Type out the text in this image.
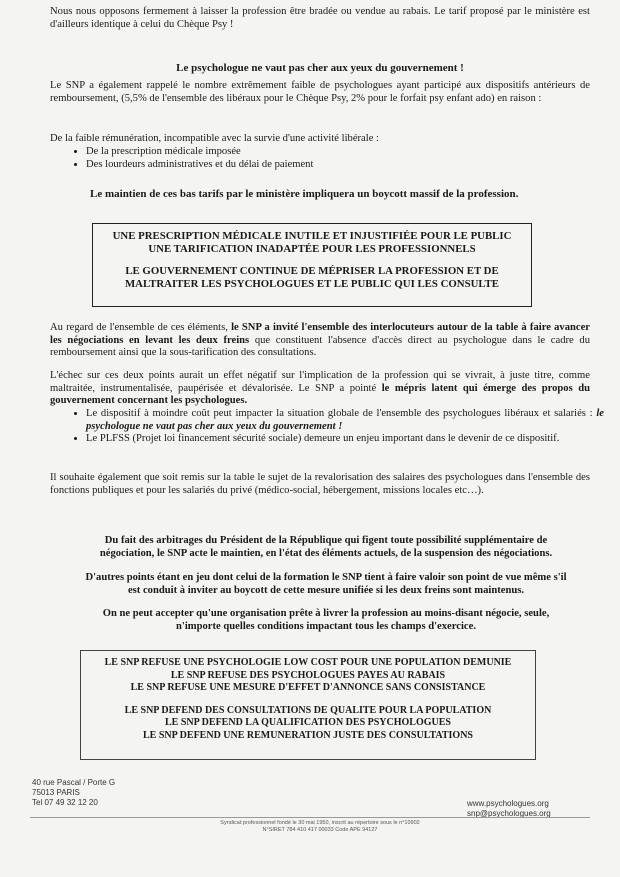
Nous nous opposons fermement à laisser la profession être bradée ou vendue au rabais. Le tarif proposé par le ministère est d'ailleurs identique à celui du Chèque Psy !

Le psychologue ne vaut pas cher aux yeux du gouvernement !

Le SNP a également rappelé le nombre extrêmement faible de psychologues ayant participé aux dispositifs antérieurs de remboursement, (5,5% de l'ensemble des libéraux pour le Chèque Psy, 2% pour le forfait psy enfant ado) en raison :

De la faible rémunération, incompatible avec la survie d'une activité libérale :

• De la prescription médicale imposée
• Des lourdeurs administratives et du délai de paiement

Le maintien de ces bas tarifs par le ministère impliquera un boycott massif de la profession.

UNE PRESCRIPTION MÉDICALE INUTILE ET INJUSTIFIÉE POUR LE PUBLIC

UNE TARIFICATION INADAPTÉE POUR LES PROFESSIONNELS

LE GOUVERNEMENT CONTINUE DE MÉPRISER LA PROFESSION ET DE MALTRAITER LES PSYCHOLOGUES ET LE PUBLIC QUI LES CONSULTE

Au regard de l'ensemble de ces éléments, le SNP a invité l'ensemble des interlocuteurs autour de la table à faire avancer les négociations en levant les deux freins que constituent l'absence d'accès direct au psychologue dans le cadre du remboursement ainsi que la sous-tarification des consultations.

L'échec sur ces deux points aurait un effet négatif sur l'implication de la profession qui se vivrait, à juste titre, comme maltraitée, instrumentalisée, paupérisée et dévalorisée. Le SNP a pointé le mépris latent qui émerge des propos du gouvernement concernant les psychologues.

• Le dispositif à moindre coût peut impacter la situation globale de l'ensemble des psychologues libéraux et salariés : le psychologue ne vaut pas cher aux yeux du gouvernement !
• Le PLFSS (Projet loi financement sécurité sociale) demeure un enjeu important dans le devenir de ce dispositif.

Il souhaite également que soit remis sur la table le sujet de la revalorisation des salaires des psychologues dans l'ensemble des fonctions publiques et pour les salariés du privé (médico-social, hébergement, missions locales etc…).

Du fait des arbitrages du Président de la République qui figent toute possibilité supplémentaire de négociation, le SNP acte le maintien, en l'état des éléments actuels, de la suspension des négociations.

D'autres points étant en jeu dont celui de la formation le SNP tient à faire valoir son point de vue même s'il est conduit à inviter au boycott de cette mesure unifiée si les deux freins sont maintenus.

On ne peut accepter qu'une organisation prête à livrer la profession au moins-disant négocie, seule, n'importe quelles conditions impactant tous les champs d'exercice.

LE SNP REFUSE UNE PSYCHOLOGIE LOW COST POUR UNE POPULATION DEMUNIE

LE SNP REFUSE DES PSYCHOLOGUES PAYES AU RABAIS

LE SNP REFUSE UNE MESURE D'EFFET D'ANNONCE SANS CONSISTANCE

LE SNP DEFEND DES CONSULTATIONS DE QUALITE POUR LA POPULATION

LE SNP DEFEND LA QUALIFICATION DES PSYCHOLOGUES

LE SNP DEFEND UNE REMUNERATION JUSTE DES CONSULTATIONS

40 rue Pascal / Porte G
75013 PARIS
Tel 07 49 32 12 20	www.psychologues.org
snp@psychologues.org
Syndicat professionnel fondé le 30 mai 1950, inscrit au répertoire sous le n°10902
N°SIRET 784 410 417 00033 Code APE 94127
